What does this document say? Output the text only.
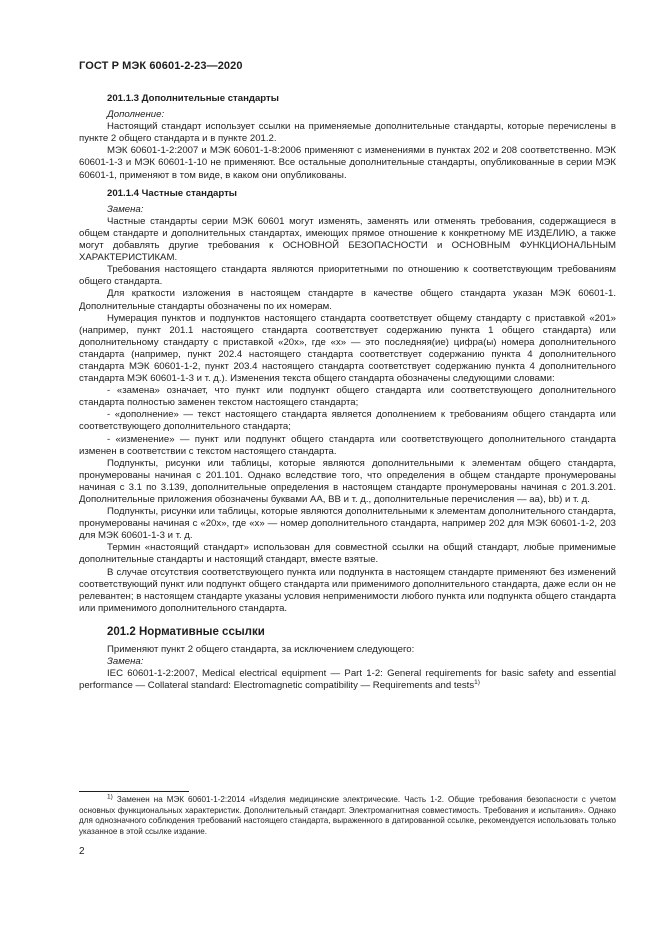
ГОСТ Р МЭК 60601-2-23—2020

201.1.3 Дополнительные стандарты

Дополнение:

Настоящий стандарт использует ссылки на применяемые дополнительные стандарты, которые перечислены в пункте 2 общего стандарта и в пункте 201.2.

МЭК 60601-1-2:2007 и МЭК 60601-1-8:2006 применяют с изменениями в пунктах 202 и 208 соответственно. МЭК 60601-1-3 и МЭК 60601-1-10 не применяют. Все остальные дополнительные стандарты, опубликованные в серии МЭК 60601-1, применяют в том виде, в каком они опубликованы.

201.1.4 Частные стандарты

Замена:

Частные стандарты серии МЭК 60601 могут изменять, заменять или отменять требования, содержащиеся в общем стандарте и дополнительных стандартах, имеющих прямое отношение к конкретному МЕ ИЗДЕЛИЮ, а также могут добавлять другие требования к ОСНОВНОЙ БЕЗОПАСНОСТИ и ОСНОВНЫМ ФУНКЦИОНАЛЬНЫМ ХАРАКТЕРИСТИКАМ.

Требования настоящего стандарта являются приоритетными по отношению к соответствующим требованиям общего стандарта.

Для краткости изложения в настоящем стандарте в качестве общего стандарта указан МЭК 60601-1. Дополнительные стандарты обозначены по их номерам.

Нумерация пунктов и подпунктов настоящего стандарта соответствует общему стандарту с приставкой «201» (например, пункт 201.1 настоящего стандарта соответствует содержанию пункта 1 общего стандарта) или дополнительному стандарту с приставкой «20х», где «х» — это последняя(ие) цифра(ы) номера дополнительного стандарта (например, пункт 202.4 настоящего стандарта соответствует содержанию пункта 4 дополнительного стандарта МЭК 60601-1-2, пункт 203.4 настоящего стандарта соответствует содержанию пункта 4 дополнительного стандарта МЭК 60601-1-3 и т. д.). Изменения текста общего стандарта обозначены следующими словами:

- «замена» означает, что пункт или подпункт общего стандарта или соответствующего дополнительного стандарта полностью заменен текстом настоящего стандарта;

- «дополнение» — текст настоящего стандарта является дополнением к требованиям общего стандарта или соответствующего дополнительного стандарта;

- «изменение» — пункт или подпункт общего стандарта или соответствующего дополнительного стандарта изменен в соответствии с текстом настоящего стандарта.

Подпункты, рисунки или таблицы, которые являются дополнительными к элементам общего стандарта, пронумерованы начиная с 201.101. Однако вследствие того, что определения в общем стандарте пронумерованы начиная с 3.1 по 3.139, дополнительные определения в настоящем стандарте пронумерованы начиная с 201.3.201. Дополнительные приложения обозначены буквами АА, ВВ и т. д., дополнительные перечисления — аа), bb) и т. д.

Подпункты, рисунки или таблицы, которые являются дополнительными к элементам дополнительного стандарта, пронумерованы начиная с «20х», где «х» — номер дополнительного стандарта, например 202 для МЭК 60601-1-2, 203 для МЭК 60601-1-3 и т. д.

Термин «настоящий стандарт» использован для совместной ссылки на общий стандарт, любые применимые дополнительные стандарты и настоящий стандарт, вместе взятые.

В случае отсутствия соответствующего пункта или подпункта в настоящем стандарте применяют без изменений соответствующий пункт или подпункт общего стандарта или применимого дополнительного стандарта, даже если он не релевантен; в настоящем стандарте указаны условия неприменимости любого пункта или подпункта общего стандарта или применимого дополнительного стандарта.

201.2 Нормативные ссылки

Применяют пункт 2 общего стандарта, за исключением следующего:

Замена:

IEC 60601-1-2:2007, Medical electrical equipment — Part 1-2: General requirements for basic safety and essential performance — Collateral standard: Electromagnetic compatibility — Requirements and tests$^{1)}$

$^{1)}$ Заменен на МЭК 60601-1-2:2014 «Изделия медицинские электрические. Часть 1-2. Общие требования безопасности с учетом основных функциональных характеристик. Дополнительный стандарт. Электромагнитная совместимость. Требования и испытания». Однако для однозначного соблюдения требований настоящего стандарта, выраженного в датированной ссылке, рекомендуется использовать только указанное в этой ссылке издание.

2
